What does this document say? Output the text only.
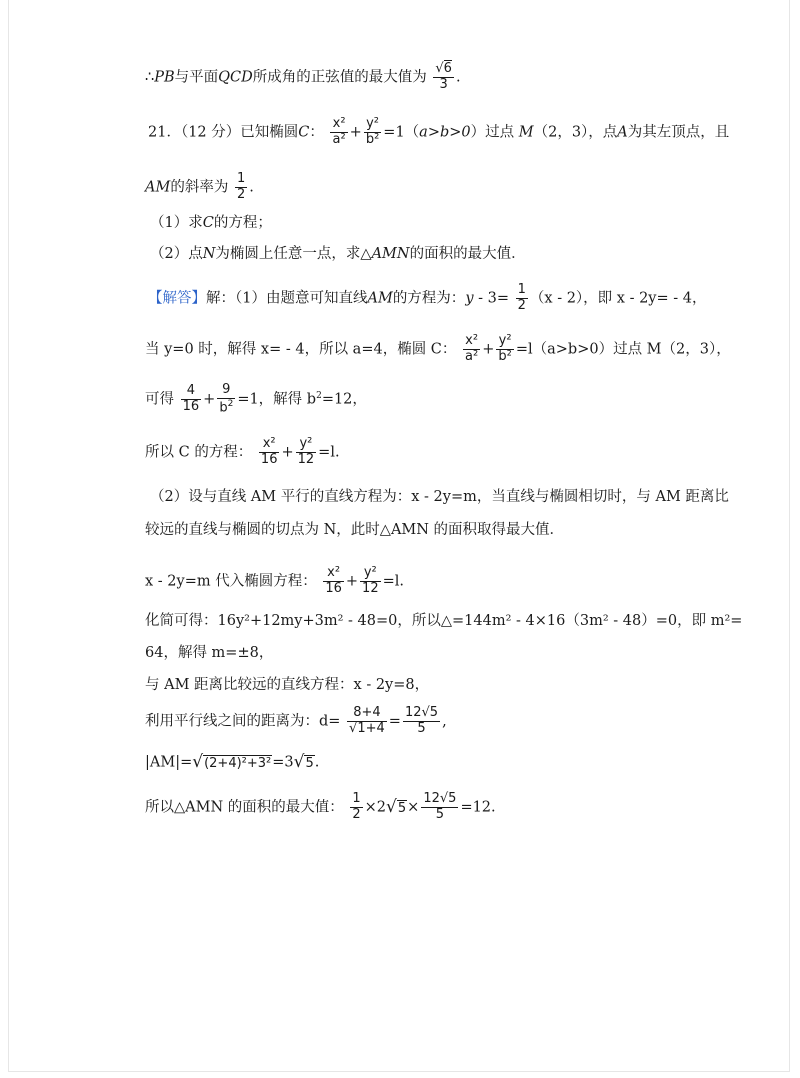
∴PB与平面QCD所成角的正弦值的最大值为 $\frac{√6}{3}$ .
21．（12 分）已知椭圆C： $\frac{\text{x²}}{\text{a²}} + \frac{\text{y²}}{\text{b²}} =1(a>b>0)$过点 M（2，3），点A为其左顶点，且
AM的斜率为 $\frac{1}{2}$ .
（1）求C的方程；
（2）点N为椭圆上任意一点，求△AMN的面积的最大值．
【解答】解：（1）由题意可知直线AM的方程为：$y - 3= \frac{1}{2} (x - 2)$，即 x - 2y= - 4，
当 y=0 时，解得 x= - 4，所以 a=4，椭圆 C： $\frac{\text{x²}}{\text{a²}} + \frac{\text{y²}}{\text{b²}} =l(a>b>0)$过点 M（2，3），
可得 $\frac{4}{16} + \frac{9}{b^2} =1$，解得 $b^2=12$，
所以 C 的方程： $\frac{\text{x²}}{16} + \frac{\text{y²}}{12} =l$.
（2）设与直线 AM 平行的直线方程为：x - 2y=m，当直线与椭圆相切时，与 AM 距离比
较远的直线与椭圆的切点为 N，此时△AMN 的面积取得最大值．
x - 2y=m 代入椭圆方程： $\frac{\text{x²}}{16} + \frac{\text{y²}}{12} =l$.
化简可得：16y²+12my+3m² - 48=0，所以△=144m² - 4×16（3m² - 48）=0，即 m²=
64，解得 m=±8，
与 AM 距离比较远的直线方程：x - 2y=8，
利用平行线之间的距离为：$d= \frac{8+4}{√1+4} = \frac{12√5}{5}$ ,
|AM|=√(2+4)²+3²=3√5.
所以△AMN 的面积的最大值： $\frac{1}{2} \times 2√5\times \frac{12√5}{5} =12$.
